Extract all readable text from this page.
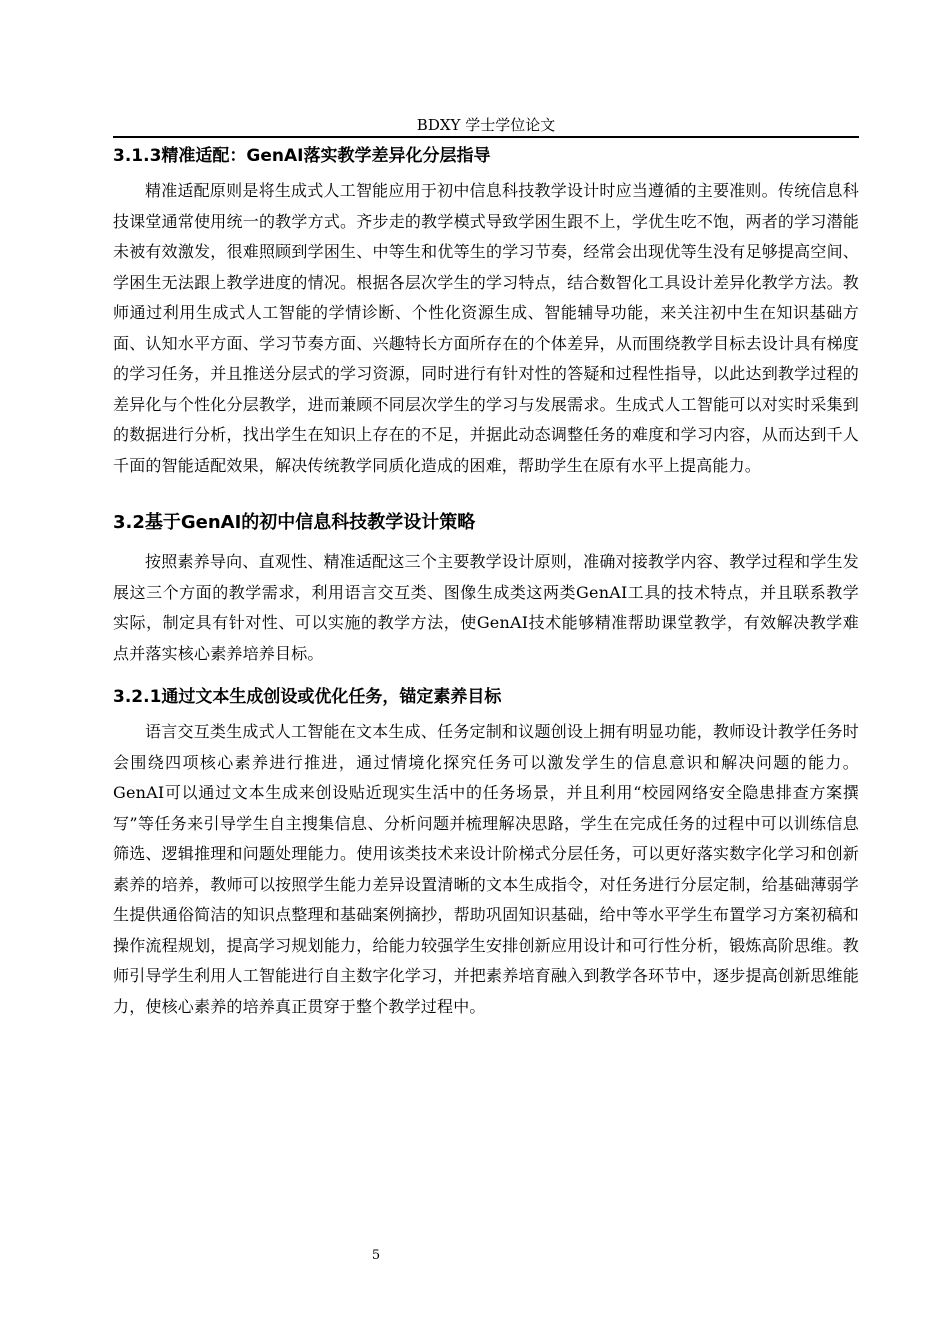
BDXY 学士学位论文
3.1.3精准适配：GenAI落实教学差异化分层指导

精准适配原则是将生成式人工智能应用于初中信息科技教学设计时应当遵循的主要准则。传统信息科技课堂通常使用统一的教学方式。齐步走的教学模式导致学困生跟不上，学优生吃不饱，两者的学习潜能未被有效激发，很难照顾到学困生、中等生和优等生的学习节奏，经常会出现优等生没有足够提高空间、学困生无法跟上教学进度的情况。根据各层次学生的学习特点，结合数智化工具设计差异化教学方法。教师通过利用生成式人工智能的学情诊断、个性化资源生成、智能辅导功能，来关注初中生在知识基础方面、认知水平方面、学习节奏方面、兴趣特长方面所存在的个体差异，从而围绕教学目标去设计具有梯度的学习任务，并且推送分层式的学习资源，同时进行有针对性的答疑和过程性指导，以此达到教学过程的差异化与个性化分层教学，进而兼顾不同层次学生的学习与发展需求。生成式人工智能可以对实时采集到的数据进行分析，找出学生在知识上存在的不足，并据此动态调整任务的难度和学习内容，从而达到千人千面的智能适配效果，解决传统教学同质化造成的困难，帮助学生在原有水平上提高能力。

3.2基于GenAI的初中信息科技教学设计策略

按照素养导向、直观性、精准适配这三个主要教学设计原则，准确对接教学内容、教学过程和学生发展这三个方面的教学需求，利用语言交互类、图像生成类这两类GenAI工具的技术特点，并且联系教学实际，制定具有针对性、可以实施的教学方法，使GenAI技术能够精准帮助课堂教学，有效解决教学难点并落实核心素养培养目标。

3.2.1通过文本生成创设或优化任务，锚定素养目标

语言交互类生成式人工智能在文本生成、任务定制和议题创设上拥有明显功能，教师设计教学任务时会围绕四项核心素养进行推进，通过情境化探究任务可以激发学生的信息意识和解决问题的能力。GenAI可以通过文本生成来创设贴近现实生活中的任务场景，并且利用“校园网络安全隐患排查方案撰写”等任务来引导学生自主搜集信息、分析问题并梳理解决思路，学生在完成任务的过程中可以训练信息筛选、逻辑推理和问题处理能力。使用该类技术来设计阶梯式分层任务，可以更好落实数字化学习和创新素养的培养，教师可以按照学生能力差异设置清晰的文本生成指令，对任务进行分层定制，给基础薄弱学生提供通俗简洁的知识点整理和基础案例摘抄，帮助巩固知识基础，给中等水平学生布置学习方案初稿和操作流程规划，提高学习规划能力，给能力较强学生安排创新应用设计和可行性分析，锻炼高阶思维。教师引导学生利用人工智能进行自主数字化学习，并把素养培育融入到教学各环节中，逐步提高创新思维能力，使核心素养的培养真正贯穿于整个教学过程中。

5
